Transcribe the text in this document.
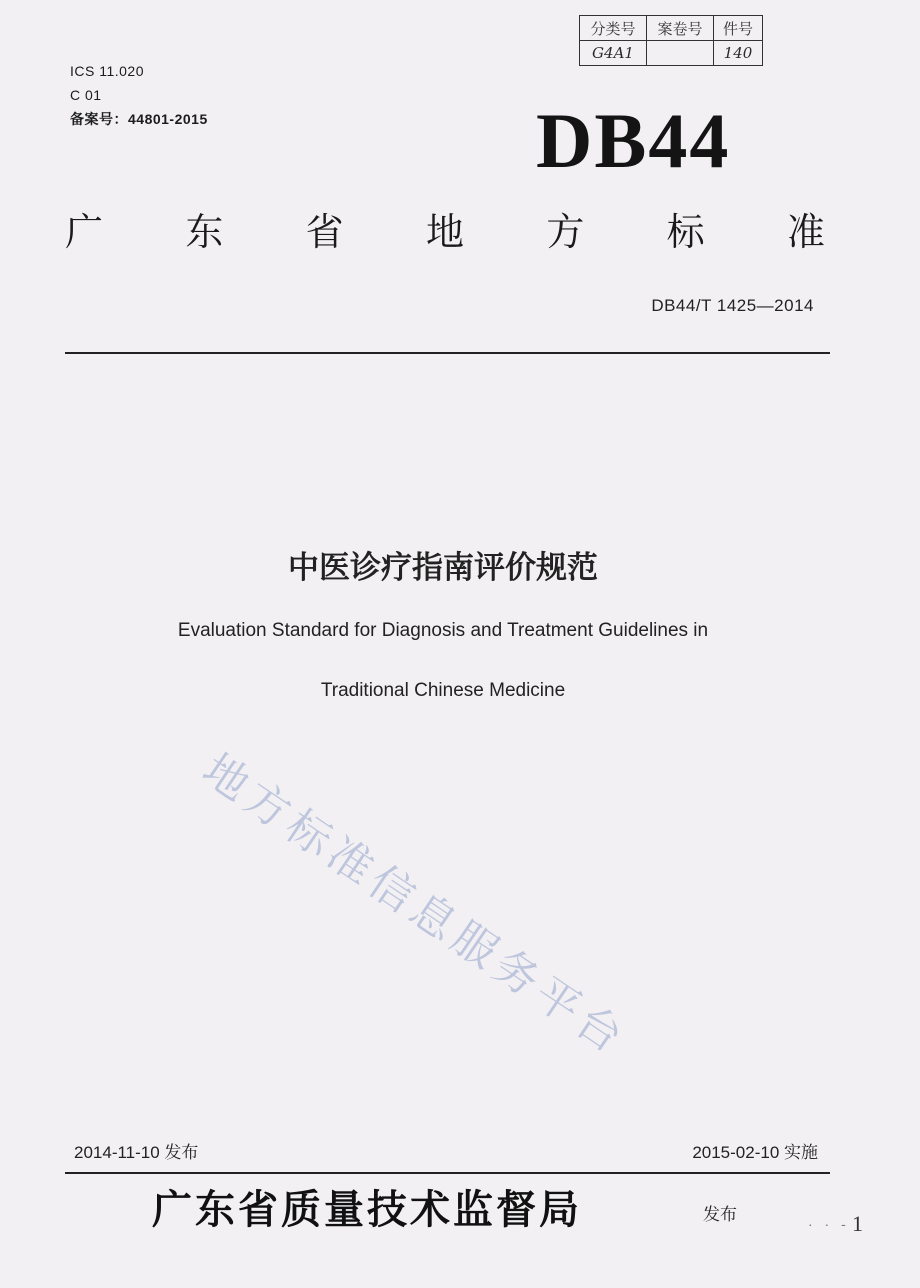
ICS 11.020
C 01
备案号：44801-2015
分类号	案卷号	件号
G4A1		140
DB44
广 东 省 地 方 标 准
DB44/T 1425—2014
中医诊疗指南评价规范
Evaluation Standard for Diagnosis and Treatment Guidelines in
Traditional Chinese Medicine
地方标准信息服务平台
2014-11-10 发布	2015-02-10 实施
广东省质量技术监督局	发布	· · - 1
